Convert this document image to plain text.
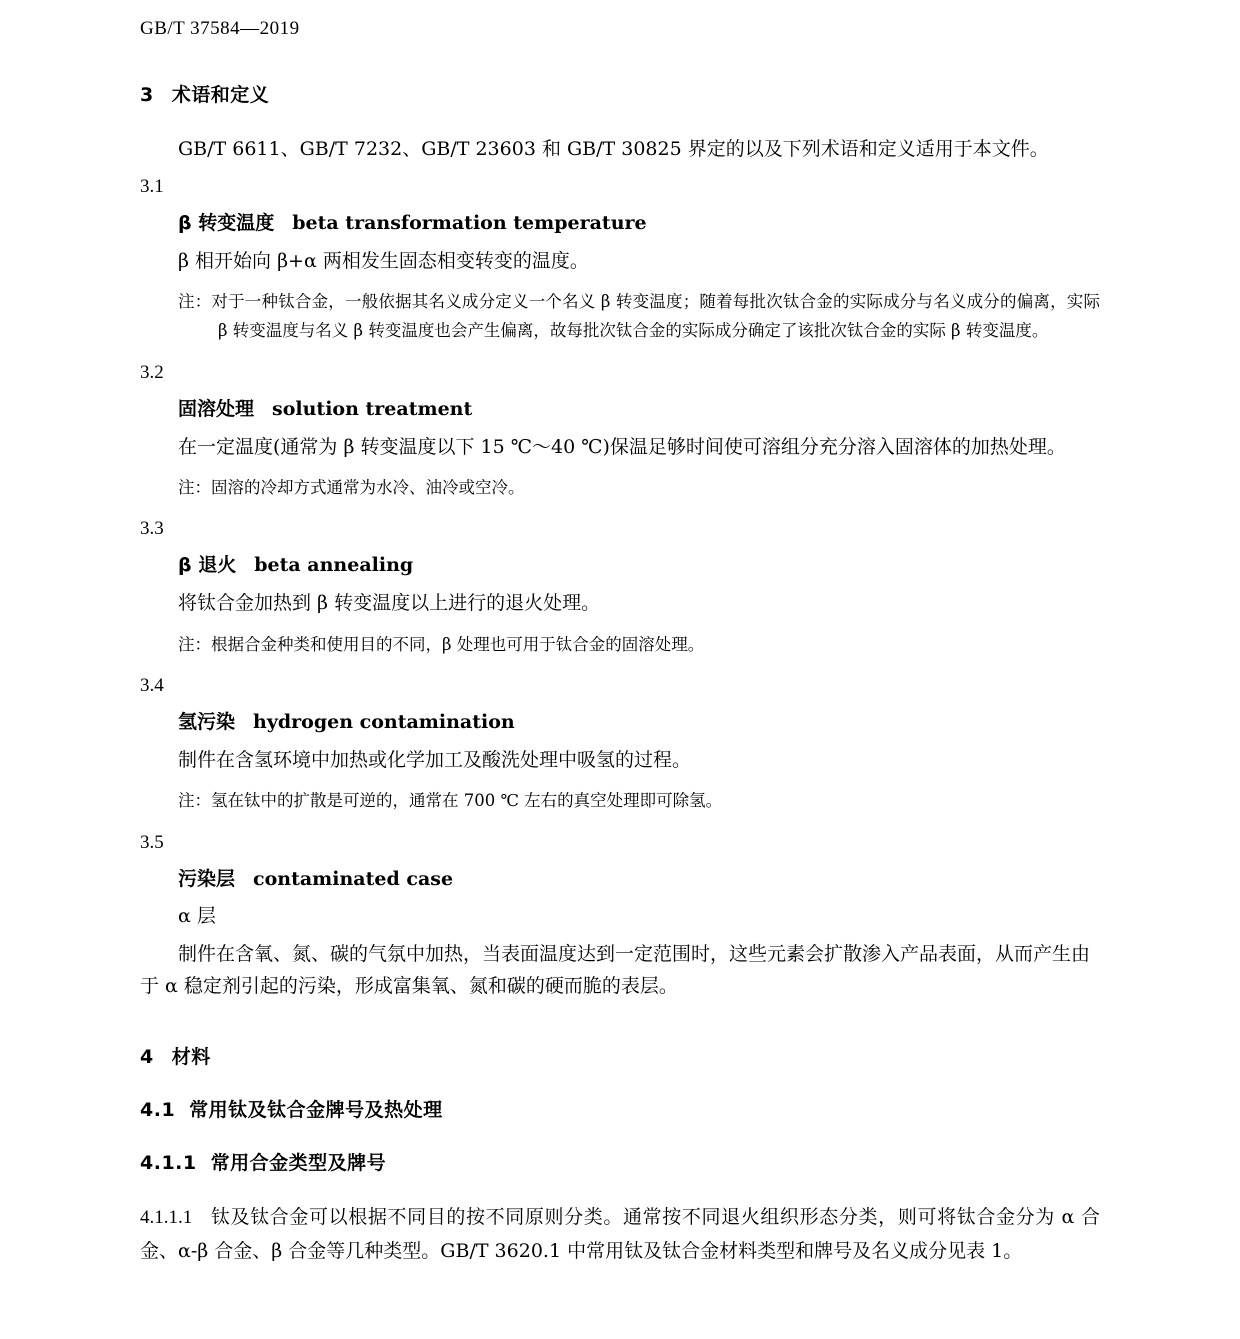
GB/T 37584—2019
3 术语和定义
GB/T 6611、GB/T 7232、GB/T 23603 和 GB/T 30825 界定的以及下列术语和定义适用于本文件。
3.1
β 转变温度 beta transformation temperature
β 相开始向 β+α 两相发生固态相变转变的温度。
注：对于一种钛合金，一般依据其名义成分定义一个名义 β 转变温度；随着每批次钛合金的实际成分与名义成分的偏离，实际 β 转变温度与名义 β 转变温度也会产生偏离，故每批次钛合金的实际成分确定了该批次钛合金的实际 β 转变温度。
3.2
固溶处理 solution treatment
在一定温度(通常为 β 转变温度以下 15 ℃～40 ℃)保温足够时间使可溶组分充分溶入固溶体的加热处理。
注：固溶的冷却方式通常为水冷、油冷或空冷。
3.3
β 退火 beta annealing
将钛合金加热到 β 转变温度以上进行的退火处理。
注：根据合金种类和使用目的不同，β 处理也可用于钛合金的固溶处理。
3.4
氢污染 hydrogen contamination
制件在含氢环境中加热或化学加工及酸洗处理中吸氢的过程。
注：氢在钛中的扩散是可逆的，通常在 700 ℃ 左右的真空处理即可除氢。
3.5
污染层 contaminated case
α 层
制件在含氧、氮、碳的气氛中加热，当表面温度达到一定范围时，这些元素会扩散渗入产品表面，从而产生由于 α 稳定剂引起的污染，形成富集氧、氮和碳的硬而脆的表层。
4 材料
4.1 常用钛及钛合金牌号及热处理
4.1.1 常用合金类型及牌号
4.1.1.1 钛及钛合金可以根据不同目的按不同原则分类。通常按不同退火组织形态分类，则可将钛合金分为 α 合金、α-β 合金、β 合金等几种类型。GB/T 3620.1 中常用钛及钛合金材料类型和牌号及名义成分见表 1。
